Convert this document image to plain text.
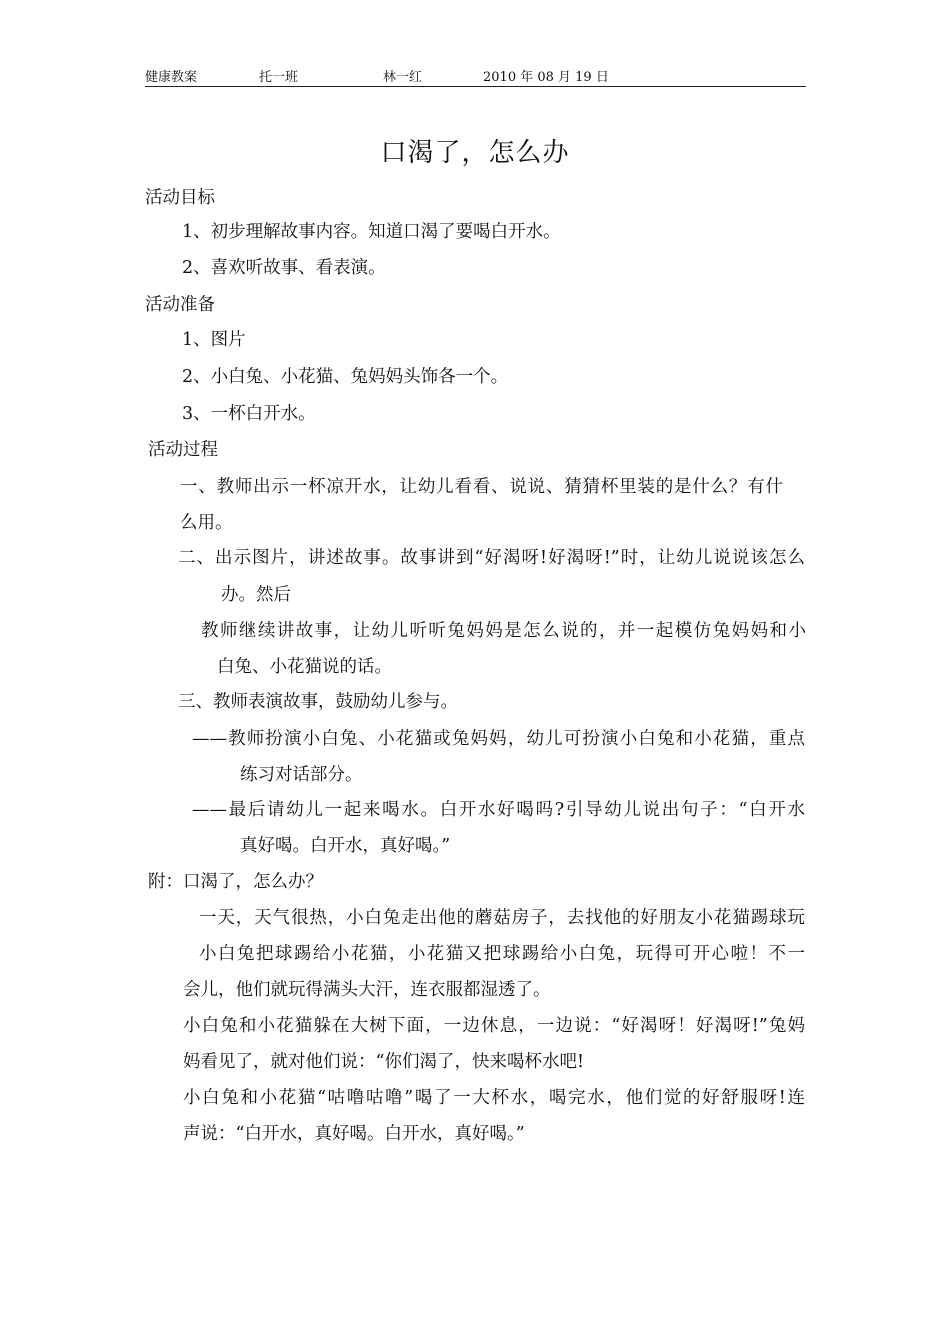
健康教案	托一班	林一红	2010 年 08 月 19 日
口渴了，怎么办
活动目标
1、初步理解故事内容。知道口渴了要喝白开水。
2、喜欢听故事、看表演。
活动准备
1、图片
2、小白兔、小花猫、兔妈妈头饰各一个。
3、一杯白开水。
活动过程
一、教师出示一杯凉开水，让幼儿看看、说说、猜猜杯里装的是什么？有什
么用。
二、出示图片，讲述故事。故事讲到“好渴呀!好渴呀!”时，让幼儿说说该怎么
办。然后
教师继续讲故事，让幼儿听听兔妈妈是怎么说的，并一起模仿兔妈妈和小
白兔、小花猫说的话。
三、教师表演故事，鼓励幼儿参与。
——教师扮演小白兔、小花猫或兔妈妈，幼儿可扮演小白兔和小花猫，重点
练习对话部分。
——最后请幼儿一起来喝水。白开水好喝吗?引导幼儿说出句子：“白开水
真好喝。白开水，真好喝。”
附：口渴了，怎么办？
一天，天气很热，小白兔走出他的蘑菇房子，去找他的好朋友小花猫踢球玩
小白兔把球踢给小花猫，小花猫又把球踢给小白兔，玩得可开心啦！不一
会儿，他们就玩得满头大汗，连衣服都湿透了。
小白兔和小花猫躲在大树下面，一边休息，一边说：“好渴呀！好渴呀!”兔妈
妈看见了，就对他们说：“你们渴了，快来喝杯水吧!
小白兔和小花猫“咕噜咕噜”喝了一大杯水，喝完水，他们觉的好舒服呀!连
声说：“白开水，真好喝。白开水，真好喝。”
